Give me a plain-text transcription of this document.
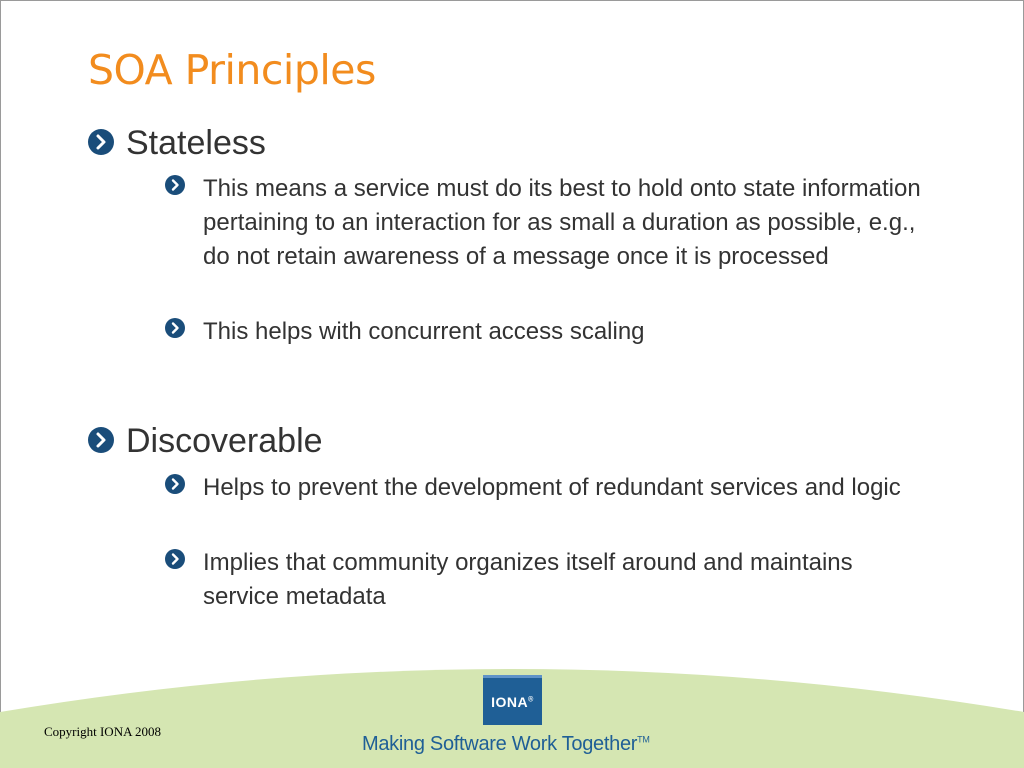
SOA Principles
Stateless
This means a service must do its best to hold onto state information pertaining to an interaction for as small a duration as possible, e.g., do not retain awareness of a message once it is processed
This helps with concurrent access scaling
Discoverable
Helps to prevent the development of redundant services and logic
Implies that community organizes itself around and maintains service metadata
IONA®
Making Software Work Together™
Copyright IONA 2008
